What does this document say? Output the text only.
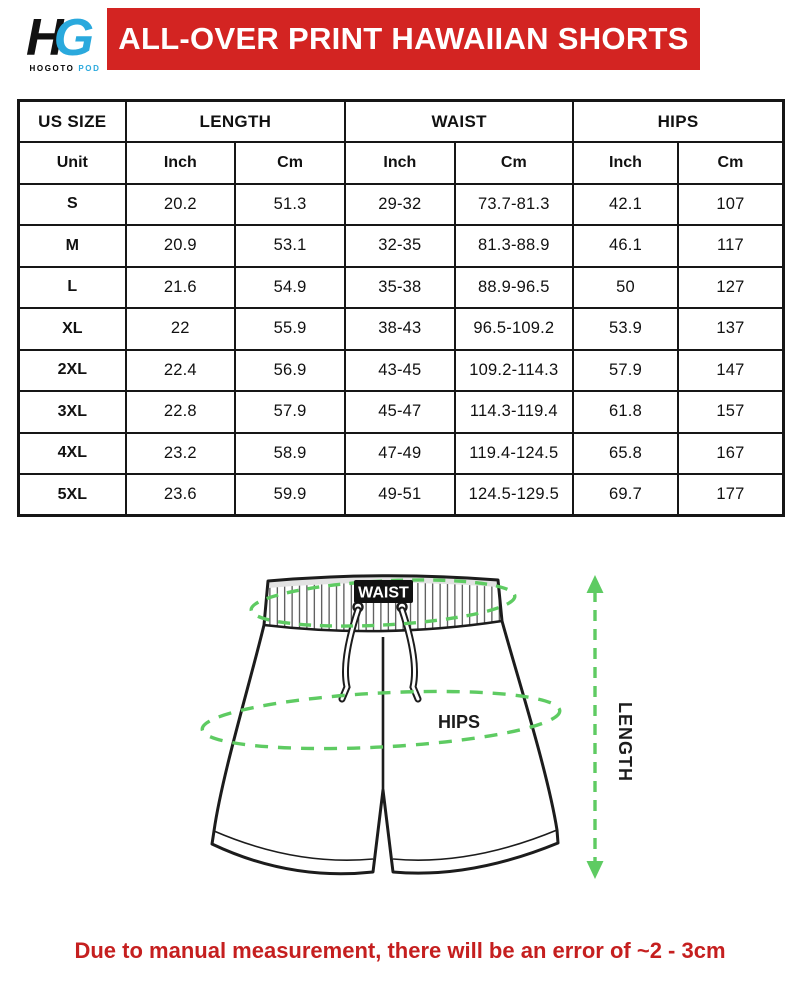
HG
HOGOTO POD
ALL-OVER PRINT HAWAIIAN SHORTS
US SIZE	LENGTH		WAIST		HIPS	
Unit	Inch	Cm	Inch	Cm	Inch	Cm
S	20.2	51.3	29-32	73.7-81.3	42.1	107
M	20.9	53.1	32-35	81.3-88.9	46.1	117
L	21.6	54.9	35-38	88.9-96.5	50	127
XL	22	55.9	38-43	96.5-109.2	53.9	137
2XL	22.4	56.9	43-45	109.2-114.3	57.9	147
3XL	22.8	57.9	45-47	114.3-119.4	61.8	157
4XL	23.2	58.9	47-49	119.4-124.5	65.8	167
5XL	23.6	59.9	49-51	124.5-129.5	69.7	177
WAIST
HIPS	LENGTH
Due to manual measurement, there will be an error of ~2 - 3cm
